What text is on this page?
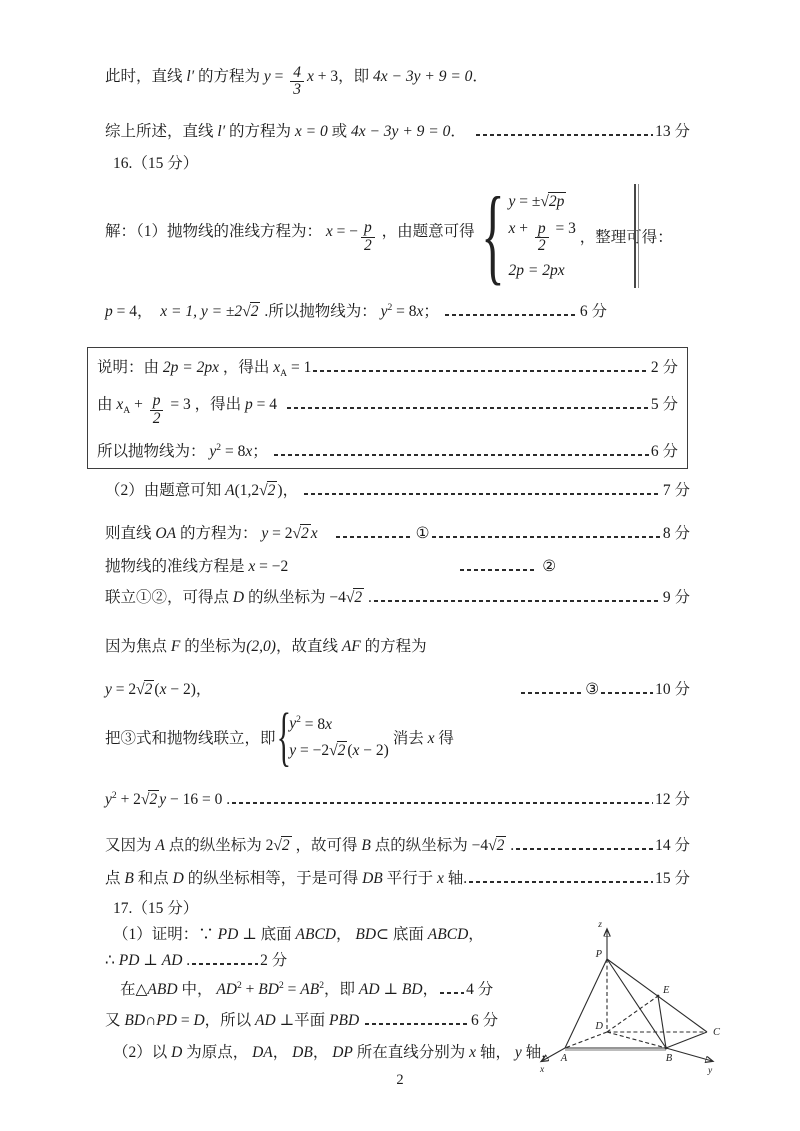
此时，直线 l′ 的方程为 $y = \frac{4}{3}$ x + 3，即 4x − 3y + 9 = 0 ．
综上所述，直线 l′ 的方程为 x = 0 或 4x − 3y + 9 = 0 ．	13 分
16.（15 分）
解：（1）抛物线的准线方程为： x = − $\frac{p}{2}$ ，由题意可得 { y = ± √ 2p
$x + \frac{p}{2} = 3$
2p = 2px
，整理可得：
p = 4， x = 1, y = ±2 √ 2 .所以抛物线为： $y^2 = 8$ x ；	6 分
说明：由 2p = 2px ，得出 $x_A = 1$	2 分
由 $x_A + \frac{p}{2} = 3$ ，得出 p = 4	5 分
所以抛物线为： $y^2 = 8$ x ；	6 分
（2）由题意可知 A (1,2 √ 2 )，	7 分
则直线 OA 的方程为： y = 2 √ 2 x	①	8 分
抛物线的准线方程是 x = −2	②
联立①②，可得点 D 的纵坐标为 −4 √ 2 .	9 分
因为焦点 F 的坐标为 (2,0) ，故直线 AF 的方程为
y = 2 √ 2 ( x − 2)，	③	10 分
把③式和抛物线联立，即 {
$y^2 = 8$ x
y = −2 √ 2 ( x − 2)
消去 x 得
$y^2 + 2$ √ 2 y − 16 = 0 .	12 分
又因为 A 点的纵坐标为 2 √ 2 ，故可得 B 点的纵坐标为 −4 √ 2 .	14 分
点 B 和点 D 的纵坐标相等，于是可得 DB 平行于 x 轴.	15 分
17.（15 分）
（1）证明：∵ PD ⊥ 底面 ABCD ， BD ⊂ 底面 ABCD ，
∴ PD ⊥ AD .	2 分
在△ ABD 中， $AD^2 + BD^2 = AB^2$ ，即 AD ⊥ BD ， 4 分
又 BD ∩ PD = D ，所以 AD ⊥平面 PBD
	6 分
（2）以 D 为原点， DA ， DB ， DP 所在直线分别为 x 轴， y 轴，
P
E
D
C
A	B
x	y
z
2
